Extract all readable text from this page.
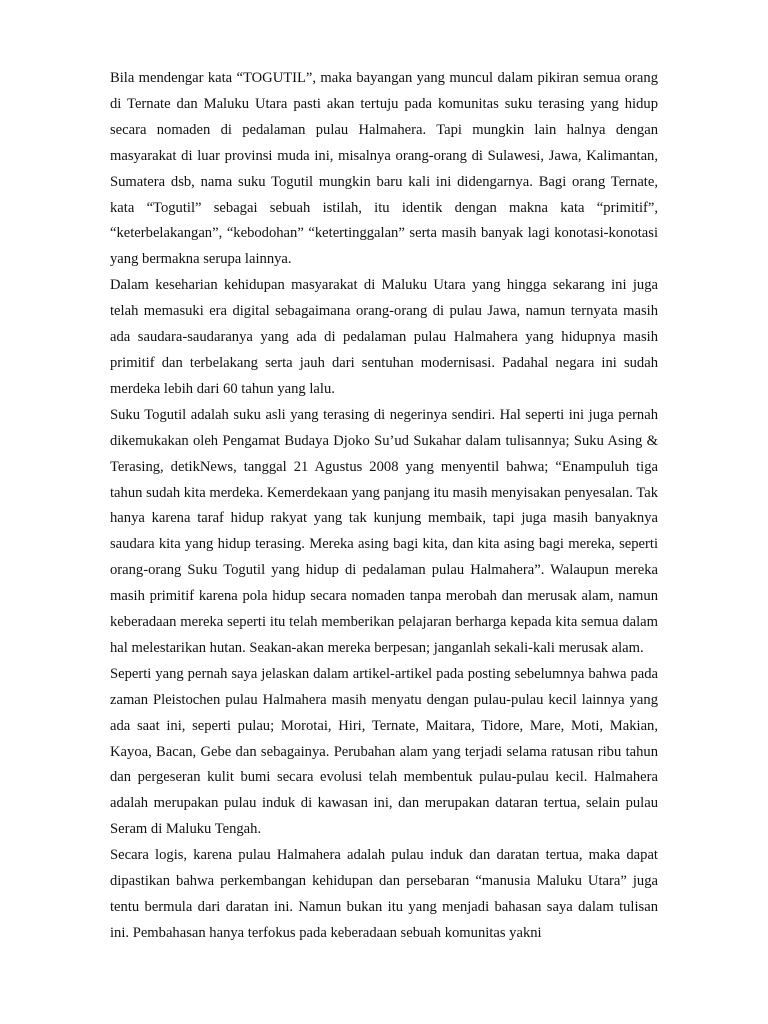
Bila mendengar kata “TOGUTIL”, maka bayangan yang muncul dalam pikiran semua orang di Ternate dan Maluku Utara pasti akan tertuju pada komunitas suku terasing yang hidup secara nomaden di pedalaman pulau Halmahera. Tapi mungkin lain halnya dengan masyarakat di luar provinsi muda ini, misalnya orang-orang di Sulawesi, Jawa, Kalimantan, Sumatera dsb, nama suku Togutil mungkin baru kali ini didengarnya. Bagi orang Ternate, kata “Togutil” sebagai sebuah istilah, itu identik dengan makna kata “primitif”, “keterbelakangan”, “kebodohan” “ketertinggalan” serta masih banyak lagi konotasi-konotasi yang bermakna serupa lainnya.

Dalam keseharian kehidupan masyarakat di Maluku Utara yang hingga sekarang ini juga telah memasuki era digital sebagaimana orang-orang di pulau Jawa, namun ternyata masih ada saudara-saudaranya yang ada di pedalaman pulau Halmahera yang hidupnya masih primitif dan terbelakang serta jauh dari sentuhan modernisasi. Padahal negara ini sudah merdeka lebih dari 60 tahun yang lalu.

Suku Togutil adalah suku asli yang terasing di negerinya sendiri. Hal seperti ini juga pernah dikemukakan oleh Pengamat Budaya Djoko Su’ud Sukahar dalam tulisannya; Suku Asing & Terasing, detikNews, tanggal 21 Agustus 2008 yang menyentil bahwa; “Enampuluh tiga tahun sudah kita merdeka. Kemerdekaan yang panjang itu masih menyisakan penyesalan. Tak hanya karena taraf hidup rakyat yang tak kunjung membaik, tapi juga masih banyaknya saudara kita yang hidup terasing. Mereka asing bagi kita, dan kita asing bagi mereka, seperti orang-orang Suku Togutil yang hidup di pedalaman pulau Halmahera”. Walaupun mereka masih primitif karena pola hidup secara nomaden tanpa merobah dan merusak alam, namun keberadaan mereka seperti itu telah memberikan pelajaran berharga kepada kita semua dalam hal melestarikan hutan. Seakan-akan mereka berpesan; janganlah sekali-kali merusak alam.

Seperti yang pernah saya jelaskan dalam artikel-artikel pada posting sebelumnya bahwa pada zaman Pleistochen pulau Halmahera masih menyatu dengan pulau-pulau kecil lainnya yang ada saat ini, seperti pulau; Morotai, Hiri, Ternate, Maitara, Tidore, Mare, Moti, Makian, Kayoa, Bacan, Gebe dan sebagainya. Perubahan alam yang terjadi selama ratusan ribu tahun dan pergeseran kulit bumi secara evolusi telah membentuk pulau-pulau kecil. Halmahera adalah merupakan pulau induk di kawasan ini, dan merupakan dataran tertua, selain pulau Seram di Maluku Tengah.

Secara logis, karena pulau Halmahera adalah pulau induk dan daratan tertua, maka dapat dipastikan bahwa perkembangan kehidupan dan persebaran “manusia Maluku Utara” juga tentu bermula dari daratan ini. Namun bukan itu yang menjadi bahasan saya dalam tulisan ini. Pembahasan hanya terfokus pada keberadaan sebuah komunitas yakni
